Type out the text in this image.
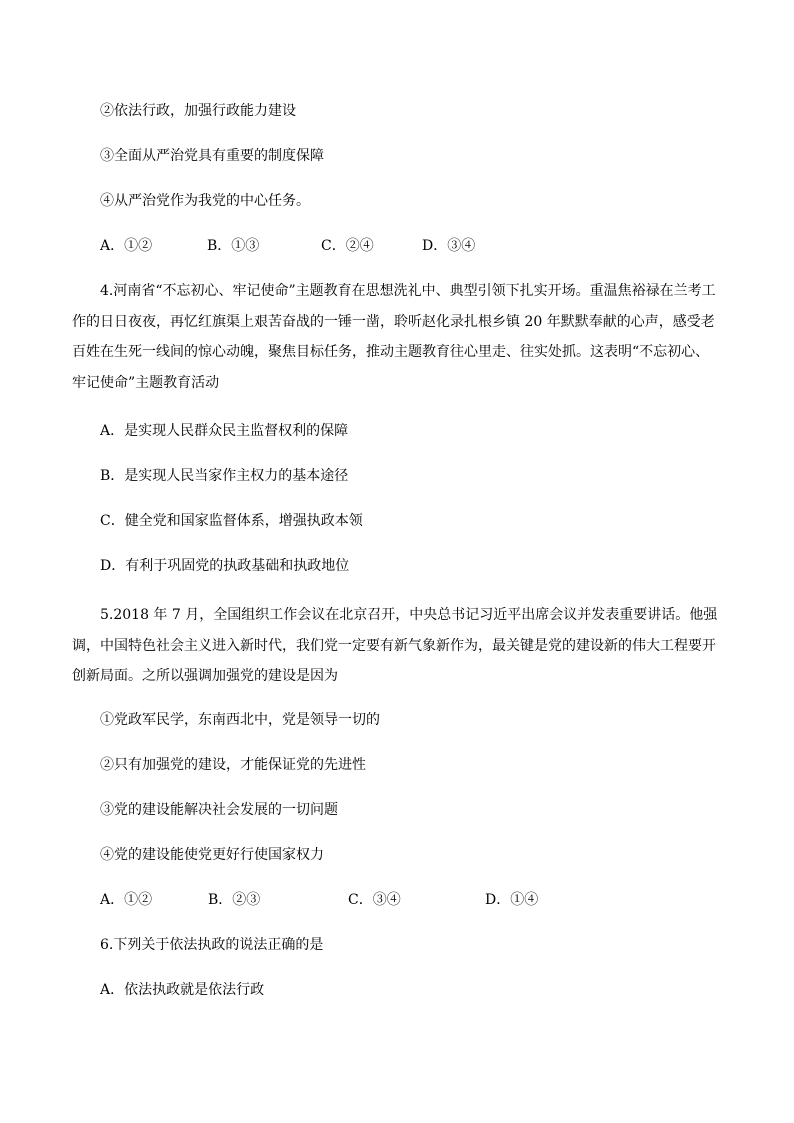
②依法行政，加强行政能力建设
③全面从严治党具有重要的制度保障
④从严治党作为我党的中心任务。
A．①②	B．①③	C．②④	D．③④
4.河南省“不忘初心、牢记使命”主题教育在思想洗礼中、典型引领下扎实开场。重温焦裕禄在兰考工作的日日夜夜，再忆红旗渠上艰苦奋战的一锤一凿，聆听赵化录扎根乡镇 20 年默默奉献的心声，感受老百姓在生死一线间的惊心动魄，聚焦目标任务，推动主题教育往心里走、往实处抓。这表明“不忘初心、牢记使命”主题教育活动
A．是实现人民群众民主监督权利的保障
B．是实现人民当家作主权力的基本途径
C．健全党和国家监督体系，增强执政本领
D．有利于巩固党的执政基础和执政地位
5.2018 年 7 月，全国组织工作会议在北京召开，中央总书记习近平出席会议并发表重要讲话。他强调，中国特色社会主义进入新时代，我们党一定要有新气象新作为，最关键是党的建设新的伟大工程要开创新局面。之所以强调加强党的建设是因为
①党政军民学，东南西北中，党是领导一切的
②只有加强党的建设，才能保证党的先进性
③党的建设能解决社会发展的一切问题
④党的建设能使党更好行使国家权力
A．①②	B．②③	C．③④	D．①④
6.下列关于依法执政的说法正确的是
A．依法执政就是依法行政
